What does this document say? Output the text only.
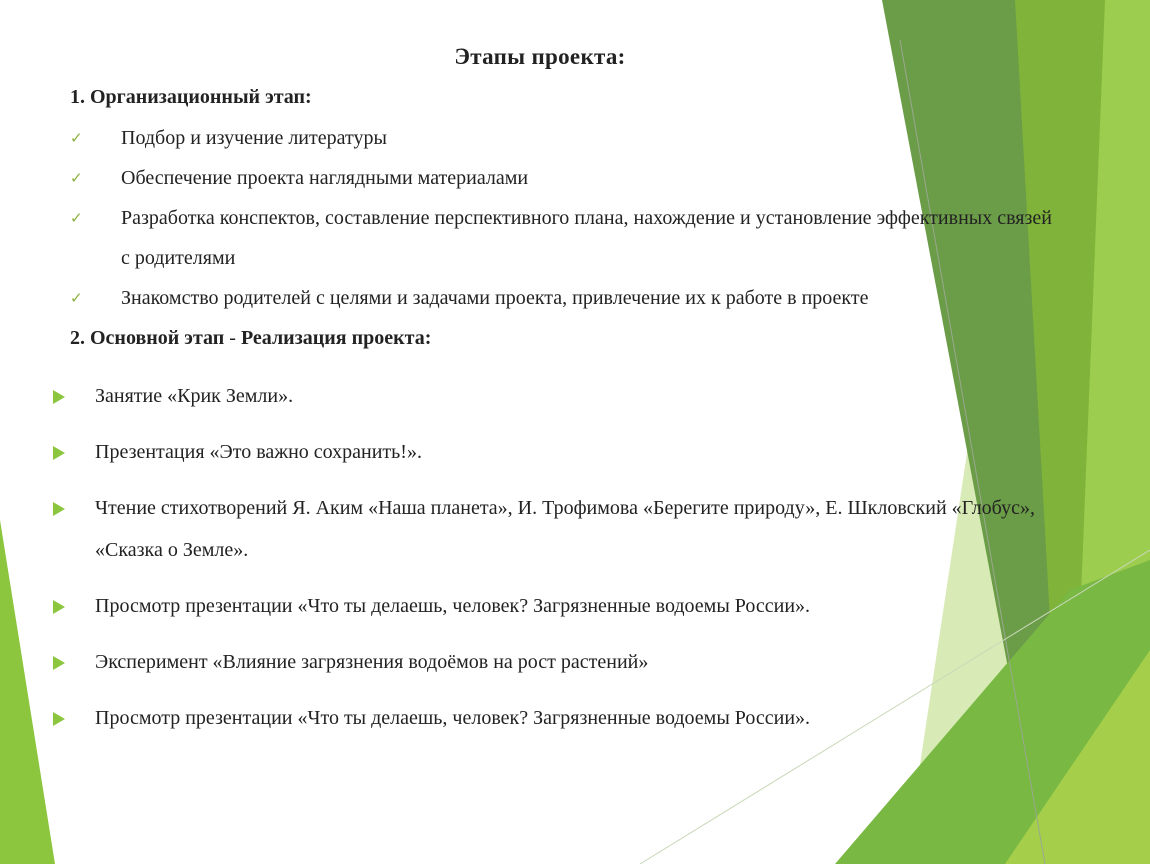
Этапы проекта:
1. Организационный этап:
✓ Подбор и изучение литературы
✓ Обеспечение проекта наглядными материалами
✓ Разработка конспектов, составление перспективного плана, нахождение и установление эффективных связей с родителями
✓ Знакомство родителей с целями и задачами проекта, привлечение их к работе в проекте
2. Основной этап - Реализация проекта:
Занятие «Крик Земли».
Презентация «Это важно сохранить!».
Чтение стихотворений Я. Аким «Наша планета», И. Трофимова «Берегите природу», Е. Шкловский «Глобус», «Сказка о Земле».
Просмотр презентации «Что ты делаешь, человек? Загрязненные водоемы России».
Эксперимент «Влияние загрязнения водоёмов на рост растений»
Просмотр презентации «Что ты делаешь, человек? Загрязненные водоемы России».
